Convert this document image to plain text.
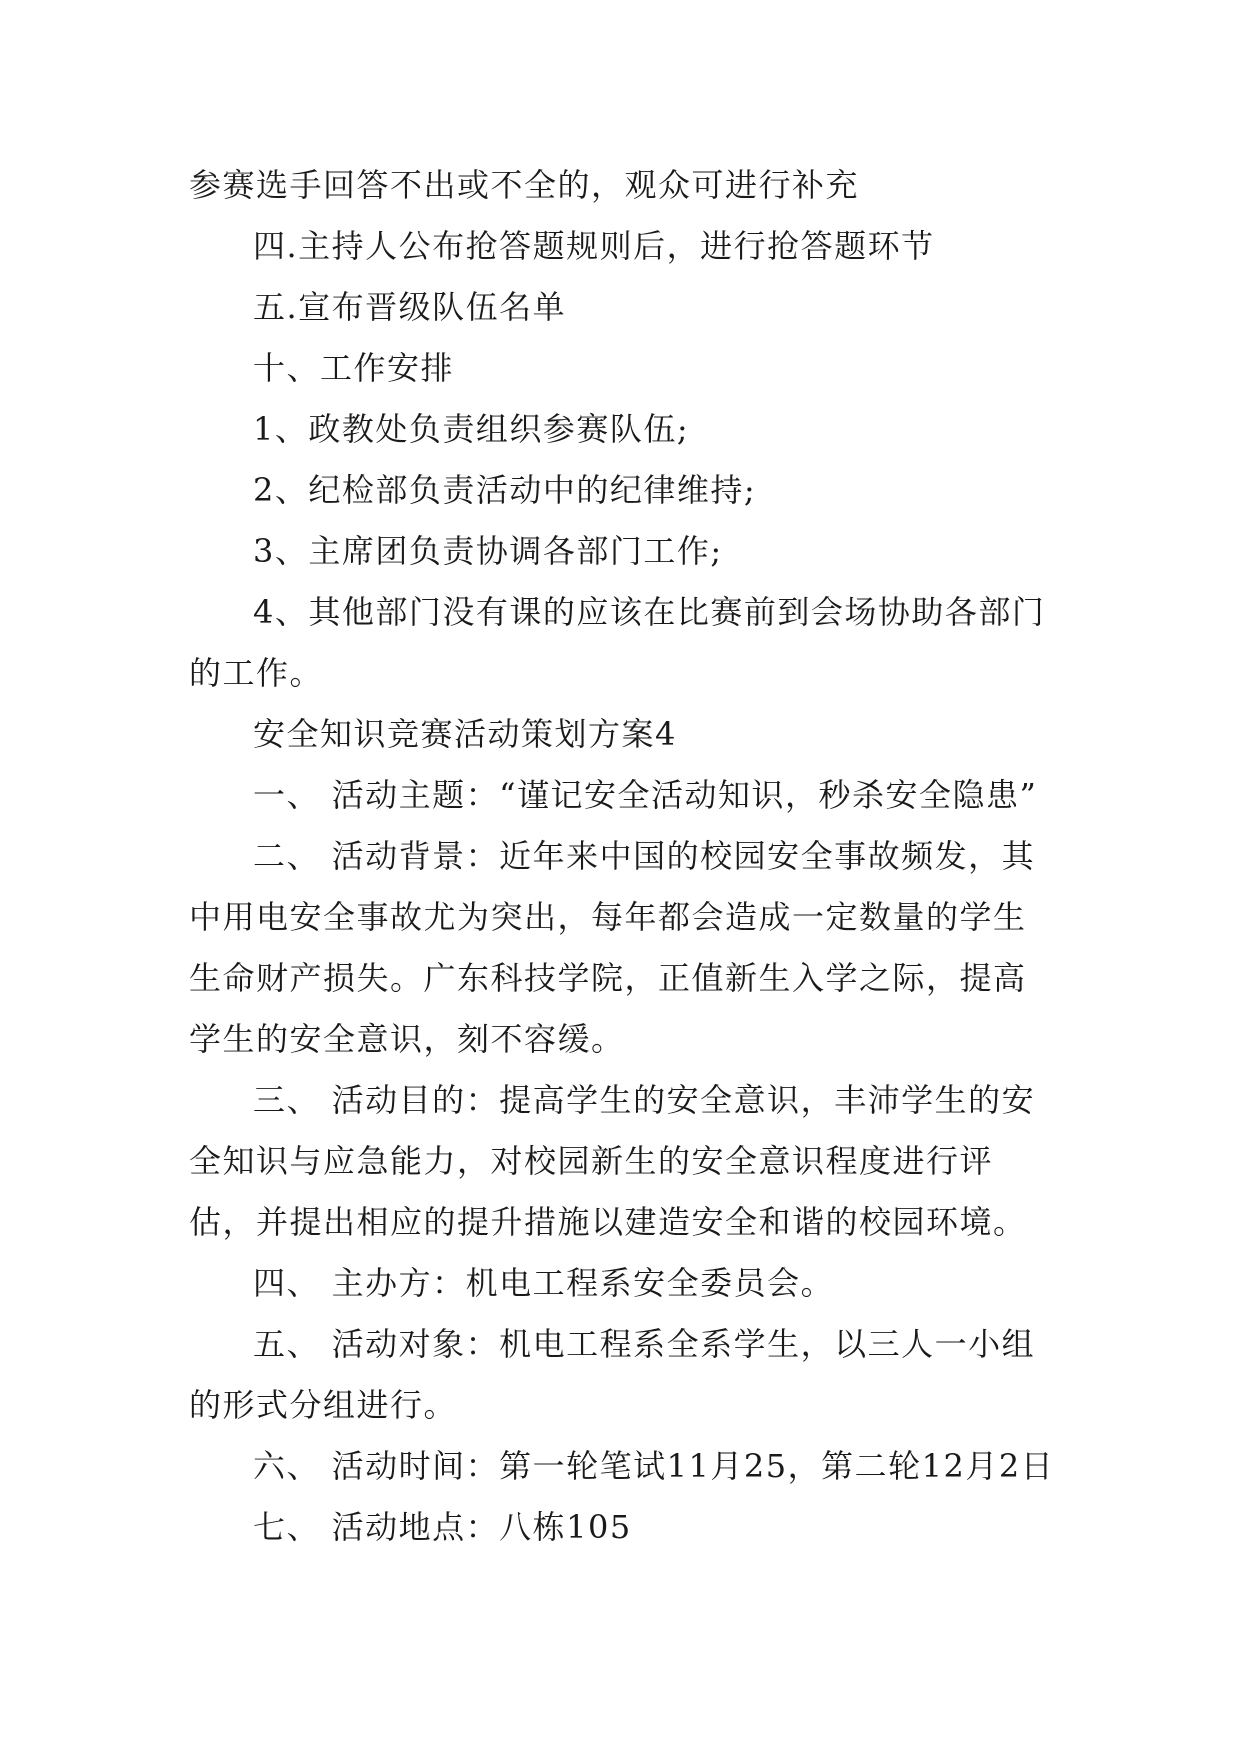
参赛选手回答不出或不全的，观众可进行补充

四.主持人公布抢答题规则后，进行抢答题环节

五.宣布晋级队伍名单

十、工作安排

1、政教处负责组织参赛队伍;

2、纪检部负责活动中的纪律维持;

3、主席团负责协调各部门工作;

4、其他部门没有课的应该在比赛前到会场协助各部门的工作。

安全知识竞赛活动策划方案4

一、 活动主题：“谨记安全活动知识，秒杀安全隐患”

二、 活动背景：近年来中国的校园安全事故频发，其中用电安全事故尤为突出，每年都会造成一定数量的学生生命财产损失。广东科技学院，正值新生入学之际，提高学生的安全意识，刻不容缓。

三、 活动目的：提高学生的安全意识，丰沛学生的安全知识与应急能力，对校园新生的安全意识程度进行评估，并提出相应的提升措施以建造安全和谐的校园环境。

四、 主办方：机电工程系安全委员会。

五、 活动对象：机电工程系全系学生，以三人一小组的形式分组进行。

六、 活动时间：第一轮笔试11月25，第二轮12月2日

七、 活动地点：八栋105
